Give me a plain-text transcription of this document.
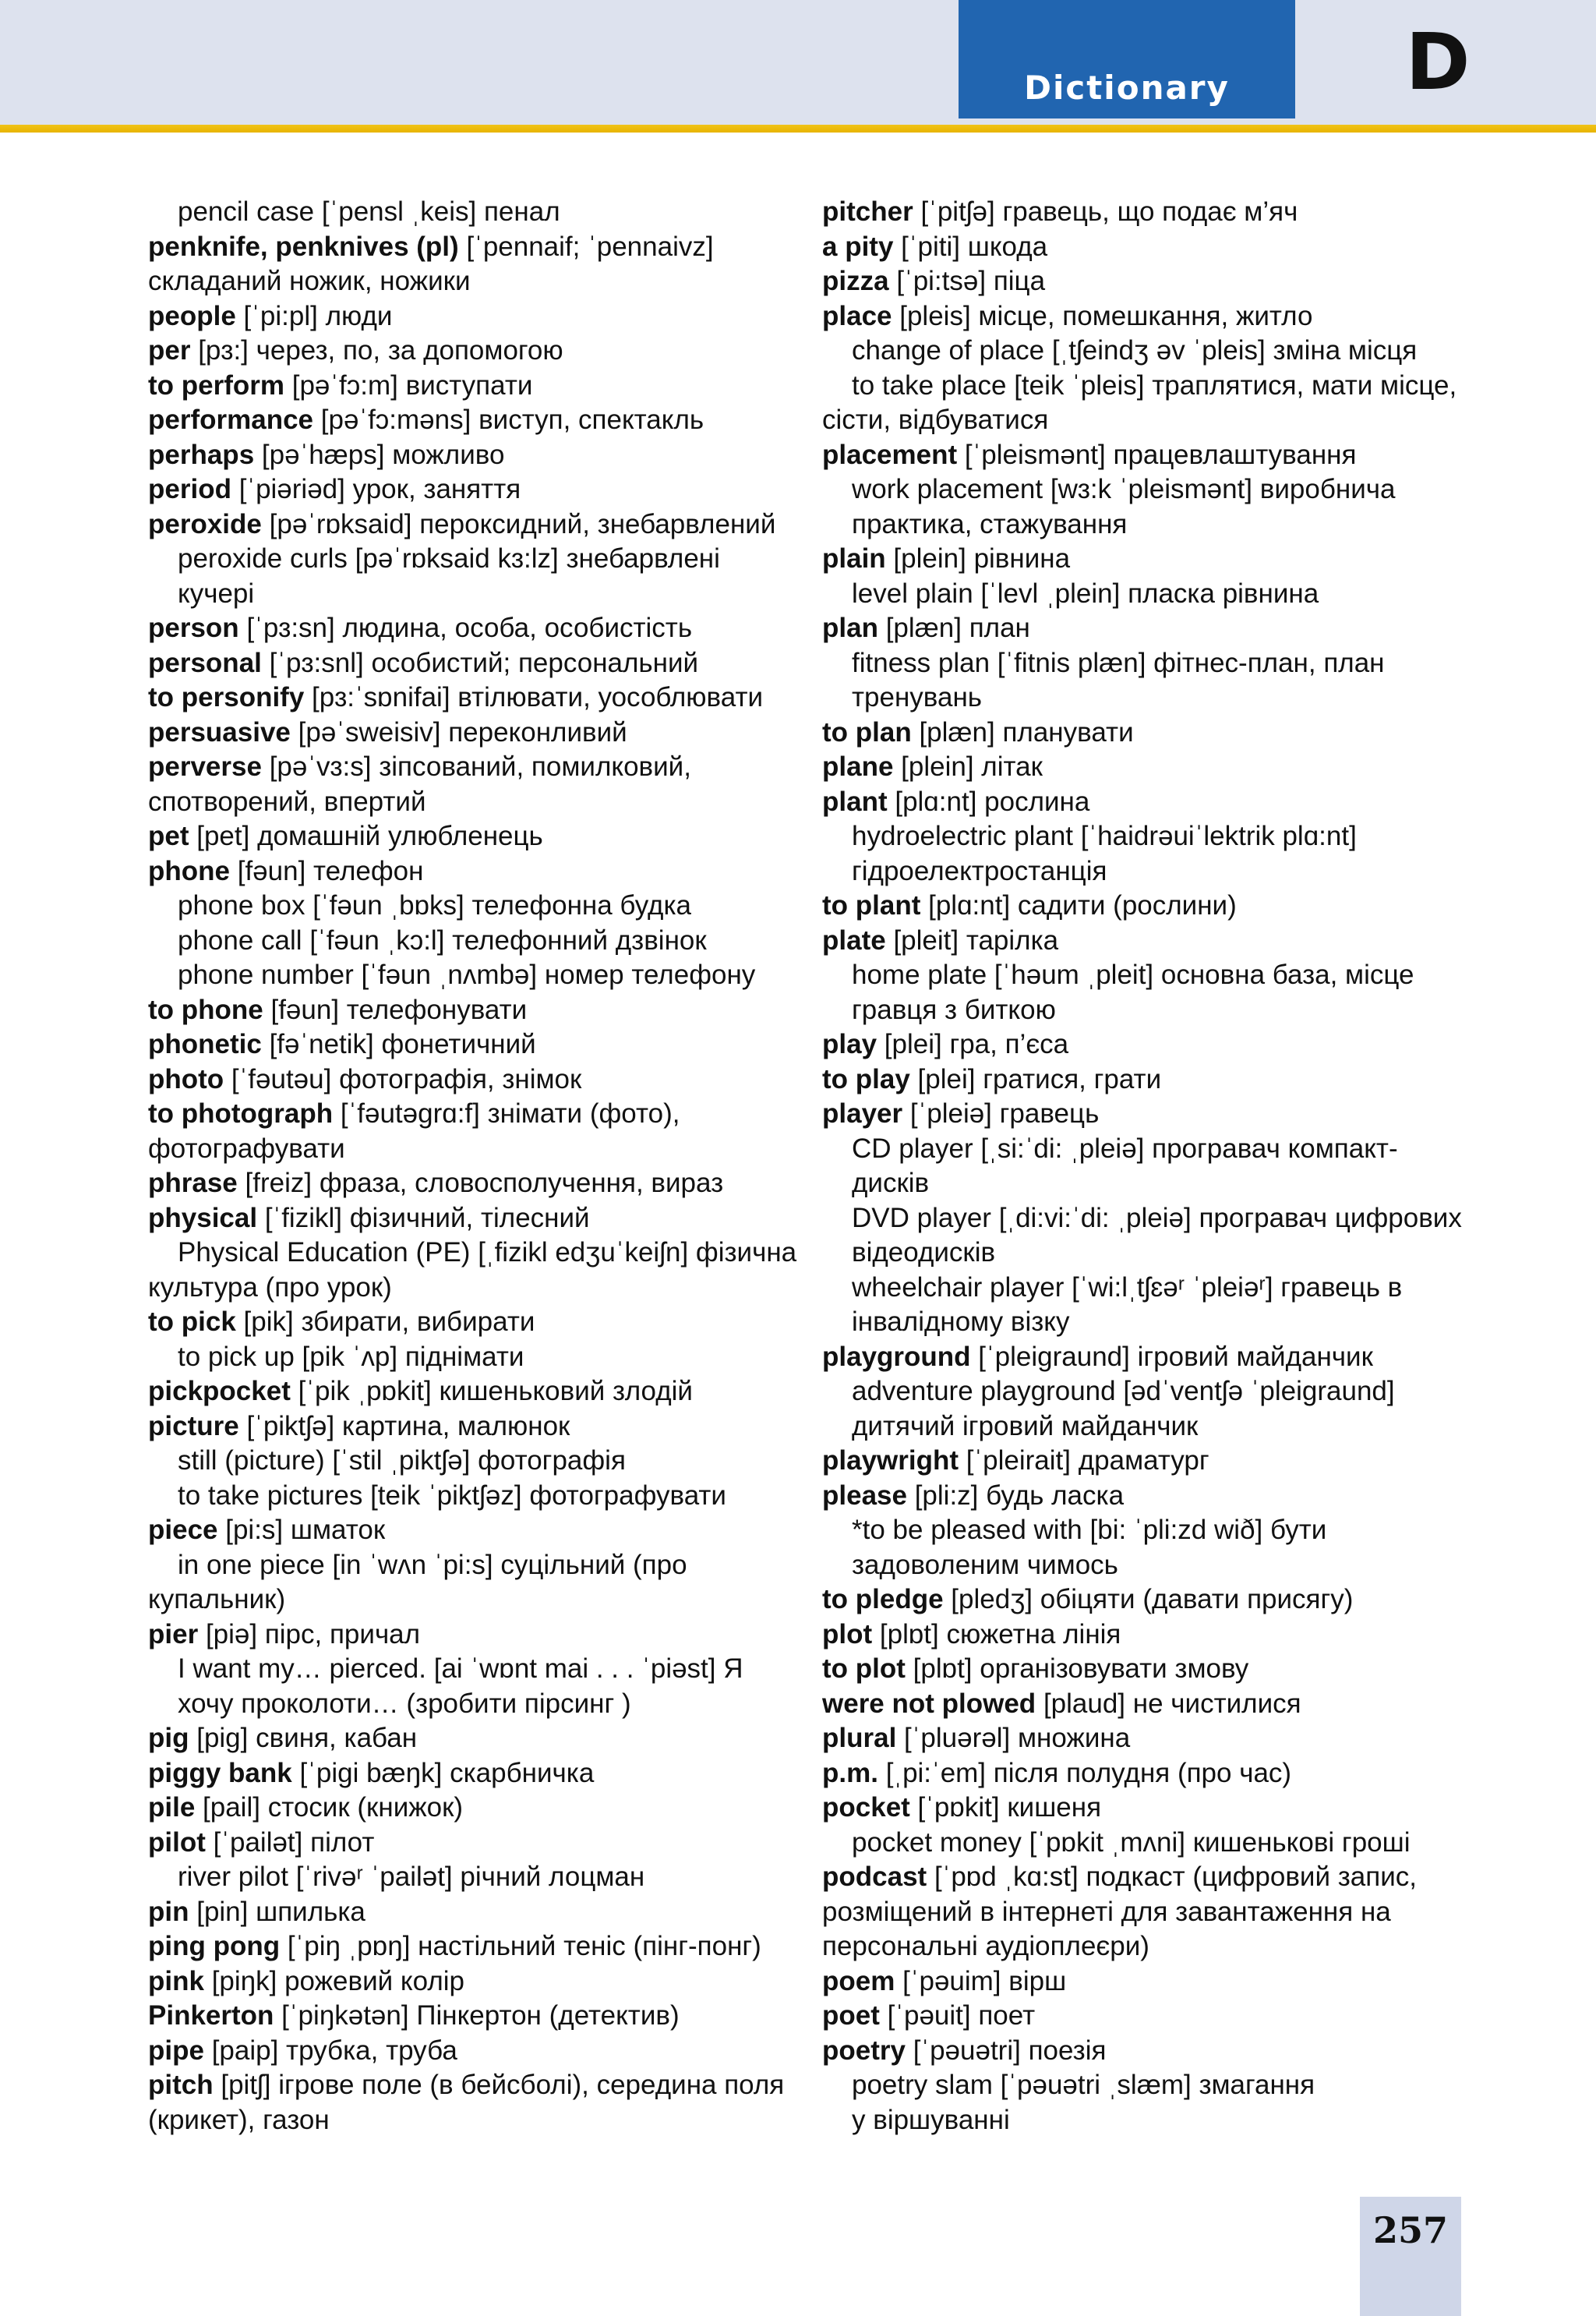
Dictionary	D

pencil case [ˈpensl ˌkeis] пенал

penknife, penknives (pl) [ˈpennaif; ˈpennaivz]

складаний ножик, ножики

people [ˈpi:pl] люди

per [pɜ:] через, по, за допомогою

to perform [pəˈfɔ:m] виступати

performance [pəˈfɔ:məns] виступ, спектакль

perhaps [pəˈhæps] можливо

period [ˈpiəriəd] урок, заняття

peroxide [pəˈrɒksaid] пероксидний, знебарвлений

peroxide curls [pəˈrɒksaid kɜ:lz] знебарвлені

кучері

person [ˈpɜ:sn] людина, особа, особистість

personal [ˈpɜ:snl] особистий; персональний

to personify [pɜ:ˈsɒnifai] втілювати, уособлювати

persuasive [pəˈsweisiv] переконливий

perverse [pəˈvɜ:s] зіпсований, помилковий,

спотворений, впертий

pet [pet] домашній улюбленець

phone [fəun] телефон

phone box [ˈfəun ˌbɒks] телефонна будка

phone call [ˈfəun ˌkɔ:l] телефонний дзвінок

phone number [ˈfəun ˌnʌmbə] номер телефону

to phone [fəun] телефонувати

phonetic [fəˈnetik] фонетичний

photo [ˈfəutəu] фотографія, знімок

to photograph [ˈfəutəgrɑ:f] знімати (фото),

фотографувати

phrase [freiz] фраза, словосполучення, вираз

physical [ˈfizikl] фізичний, тілесний

Physical Education (PE) [ˌfizikl edʒuˈkeiʃn] фізична

культура (про урок)

to pick [pik] збирати, вибирати

to pick up [pik ˈʌp] піднімати

pickpocket [ˈpik ˌpɒkit] кишеньковий злодій

picture [ˈpiktʃə] картина, малюнок

still (picture) [ˈstil ˌpiktʃə] фотографія

to take pictures [teik ˈpiktʃəz] фотографувати

piece [pi:s] шматок

in one piece [in ˈwʌn ˈpi:s] суцільний (про

купальник)

pier [piə] пірс, причал

I want my… pierced. [ai ˈwɒnt mai . . . ˈpiəst] Я

хочу проколоти… (зробити пірсинг )

pig [pig] свиня, кабан

piggy bank [ˈpigi bæŋk] скарбничка

pile [pail] стосик (книжок)

pilot [ˈpailət] пілот

river pilot [ˈrivəʳ ˈpailət] річний лоцман

pin [pin] шпилька

ping pong [ˈpiŋ ˌpɒŋ] настільний теніс (пінг-понг)

pink [piŋk] рожевий колір

Pinkerton [ˈpiŋkətən] Пінкертон (детектив)

pipe [paip] трубка, труба

pitch [pitʃ] ігрове поле (в бейсболі), середина поля

(крикет), газон

pitcher [ˈpitʃə] гравець, що подає м’яч

a pity [ˈpiti] шкода

pizza [ˈpi:tsə] піца

place [pleis] місце, помешкання, житло

change of place [ˌtʃeindʒ əv ˈpleis] зміна місця

to take place [teik ˈpleis] траплятися, мати місце,

сісти, відбуватися

placement [ˈpleismənt] працевлаштування

work placement [wɜ:k ˈpleismənt] виробнича

практика, стажування

plain [plein] рівнина

level plain [ˈlevl ˌplein] пласка рівнина

plan [plæn] план

fitness plan [ˈfitnis plæn] фітнес-план, план

тренувань

to plan [plæn] планувати

plane [plein] літак

plant [plɑ:nt] рослина

hydroelectric plant [ˈhaidrəuiˈlektrik plɑ:nt]

гідроелектростанція

to plant [plɑ:nt] садити (рослини)

plate [pleit] тарілка

home plate [ˈhəum ˌpleit] основна база, місце

гравця з биткою

play [plei] гра, п’єса

to play [plei] гратися, грати

player [ˈpleiə] гравець

CD player [ˌsi:ˈdi: ˌpleiə] програвач компакт-

дисків

DVD player [ˌdi:vi:ˈdi: ˌpleiə] програвач цифрових

відеодисків

wheelchair player [ˈwi:lˌtʃɛəʳ ˈpleiəʳ] гравець в

інвалідному візку

playground [ˈpleigraund] ігровий майданчик

adventure playground [ədˈventʃə ˈpleigraund]

дитячий ігровий майданчик

playwright [ˈpleirait] драматург

please [pli:z] будь ласка

*to be pleased with [bi: ˈpli:zd wið] бути

задоволеним чимось

to pledge [pledʒ] обіцяти (давати присягу)

plot [plɒt] сюжетна лінія

to plot [plɒt] організовувати змову

were not plowed [plaud] не чистилися

plural [ˈpluərəl] множина

p.m. [ˌpi:ˈem] після полудня (про час)

pocket [ˈpɒkit] кишеня

pocket money [ˈpɒkit ˌmʌni] кишенькові гроші

podcast [ˈpɒd ˌkɑ:st] подкаст (цифровий запис,

розміщений в інтернеті для завантаження на

персональні аудіоплеєри)

poem [ˈpəuim] вірш

poet [ˈpəuit] поет

poetry [ˈpəuətri] поезія

poetry slam [ˈpəuətri ˌslæm] змагання

у віршуванні

257
